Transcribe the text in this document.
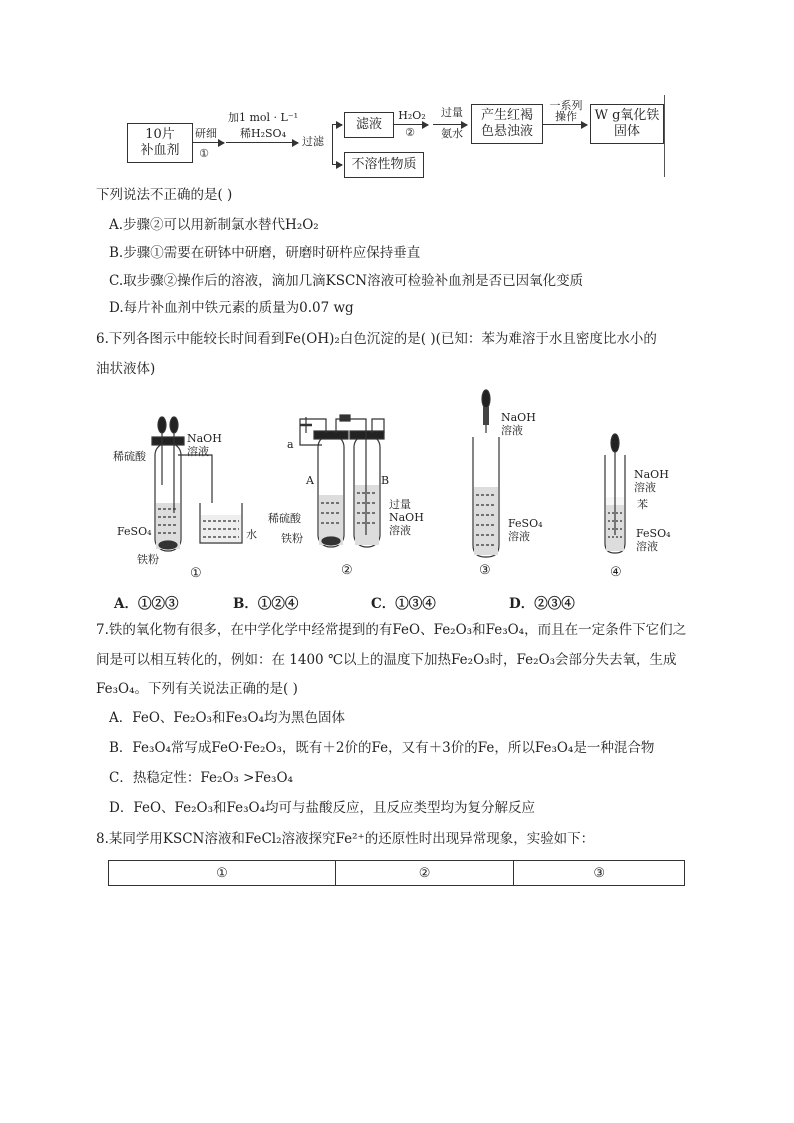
10片
补血剂
研细
①
加1 mol · L⁻¹
稀H₂SO₄
过滤
滤液
不溶性物质
H₂O₂
②
过量
氨水
产生红褐
色悬浊液
一系列
操作	W g氧化铁
固体
下列说法不正确的是( )
A.步骤②可以用新制氯水替代H₂O₂
B.步骤①需要在研钵中研磨，研磨时研杵应保持垂直
C.取步骤②操作后的溶液，滴加几滴KSCN溶液可检验补血剂是否已因氧化变质
D.每片补血剂中铁元素的质量为0.07 wg
6.下列各图示中能较长时间看到Fe(OH)₂白色沉淀的是( )(已知：苯为难溶于水且密度比水小的
油状液体)
稀硫酸
NaOH
溶液
FeSO₄
铁粉
水
①
a
A	B
稀硫酸
铁粉
过量
NaOH
溶液
②
NaOH
溶液
FeSO₄
溶液
③
NaOH
溶液
苯
FeSO₄
溶液
④
A．①②③	B．①②④	C．①③④	D．②③④
7.铁的氧化物有很多，在中学化学中经常提到的有FeO、Fe₂O₃和Fe₃O₄，而且在一定条件下它们之
间是可以相互转化的，例如：在 1400 ℃以上的温度下加热Fe₂O₃时，Fe₂O₃会部分失去氧，生成
Fe₃O₄。下列有关说法正确的是( )
A．FeO、Fe₂O₃和Fe₃O₄均为黑色固体
B．Fe₃O₄常写成FeO·Fe₂O₃，既有＋2价的Fe，又有＋3价的Fe，所以Fe₃O₄是一种混合物
C．热稳定性：Fe₂O₃ >Fe₃O₄
D．FeO、Fe₂O₃和Fe₃O₄均可与盐酸反应，且反应类型均为复分解反应
8.某同学用KSCN溶液和FeCl₂溶液探究Fe²⁺的还原性时出现异常现象，实验如下：
①	②	③
